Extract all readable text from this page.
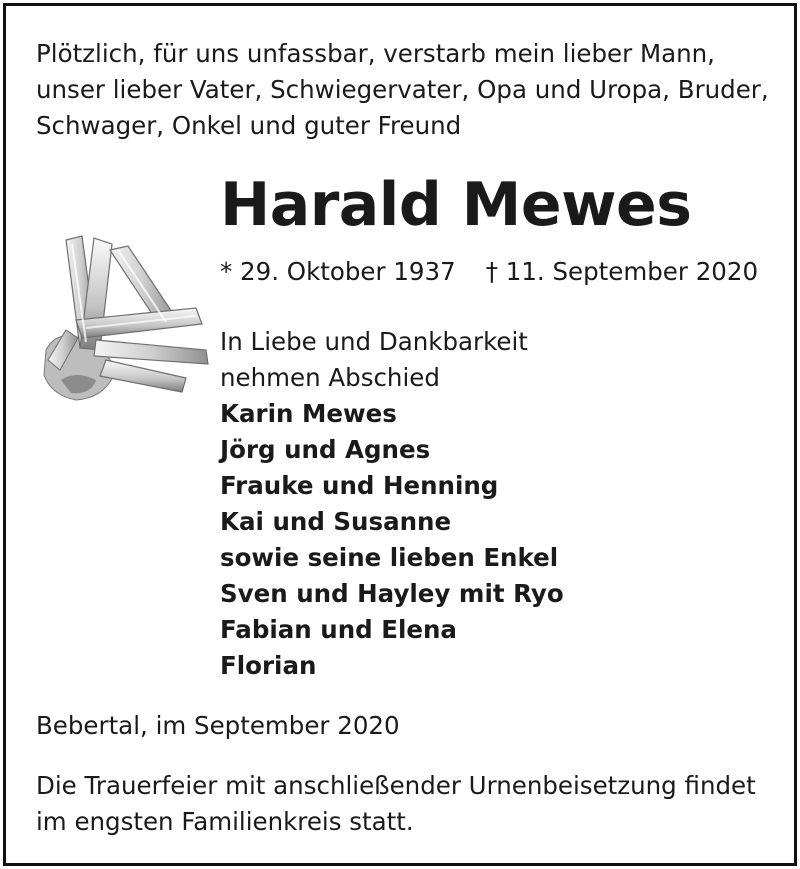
Plötzlich, für uns unfassbar, verstarb mein lieber Mann,
unser lieber Vater, Schwiegervater, Opa und Uropa, Bruder,
Schwager, Onkel und guter Freund
Harald Mewes
* 29. Oktober 1937 † 11. September 2020
In Liebe und Dankbarkeit
nehmen Abschied
Karin Mewes
Jörg und Agnes
Frauke und Henning
Kai und Susanne
sowie seine lieben Enkel
Sven und Hayley mit Ryo
Fabian und Elena
Florian
Bebertal, im September 2020
Die Trauerfeier mit anschließender Urnenbeisetzung findet
im engsten Familienkreis statt.
